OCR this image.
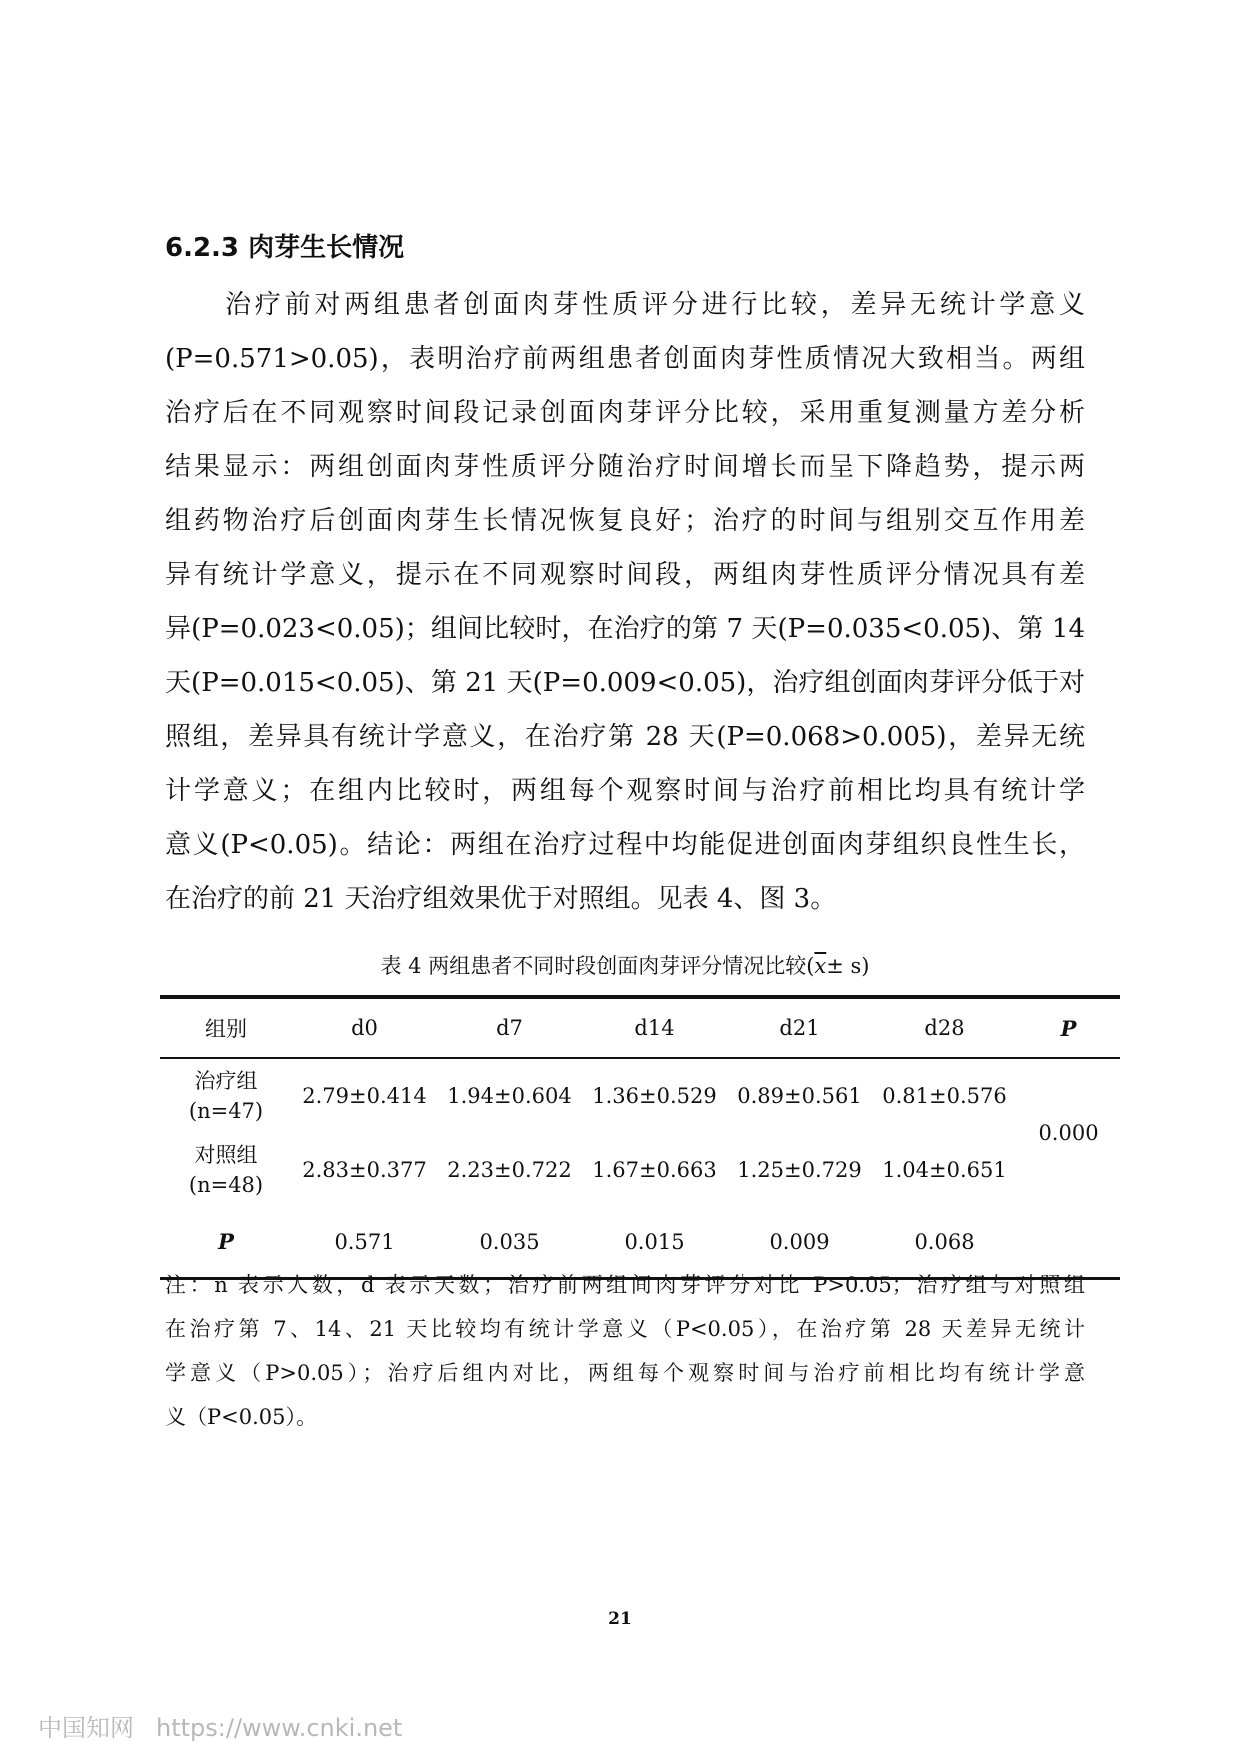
6.2.3 肉芽生长情况
治疗前对两组患者创面肉芽性质评分进行比较，差异无统计学意义
(P=0.571>0.05)，表明治疗前两组患者创面肉芽性质情况大致相当。两组
治疗后在不同观察时间段记录创面肉芽评分比较，采用重复测量方差分析
结果显示：两组创面肉芽性质评分随治疗时间增长而呈下降趋势，提示两
组药物治疗后创面肉芽生长情况恢复良好；治疗的时间与组别交互作用差
异有统计学意义，提示在不同观察时间段，两组肉芽性质评分情况具有差
异(P=0.023<0.05)；组间比较时，在治疗的第 7 天(P=0.035<0.05)、第 14
天(P=0.015<0.05)、第 21 天(P=0.009<0.05)，治疗组创面肉芽评分低于对
照组，差异具有统计学意义，在治疗第 28 天(P=0.068>0.005)，差异无统
计学意义；在组内比较时，两组每个观察时间与治疗前相比均具有统计学
意义(P<0.05)。结论：两组在治疗过程中均能促进创面肉芽组织良性生长，
在治疗的前 21 天治疗组效果优于对照组。见表 4、图 3。
表 4 两组患者不同时段创面肉芽评分情况比较$(\overline{x}\pm s)$
组别	d0	d7	d14	d21	d28	P
治疗组
(n=47)	2.79±0.414	1.94±0.604	1.36±0.529	0.89±0.561	0.81±0.576	0.000
对照组
(n=48)	2.83±0.377	2.23±0.722	1.67±0.663	1.25±0.729	1.04±0.651	
P	0.571	0.035	0.015	0.009	0.068	
注：n 表示人数，d 表示天数；治疗前两组间肉芽评分对比 P>0.05；治疗组与对照组
在治疗第 7、14、21 天比较均有统计学意义（P<0.05），在治疗第 28 天差异无统计
学意义（P>0.05）；治疗后组内对比，两组每个观察时间与治疗前相比均有统计学意
义（P<0.05）。
21
中国知网 https://www.cnki.net
